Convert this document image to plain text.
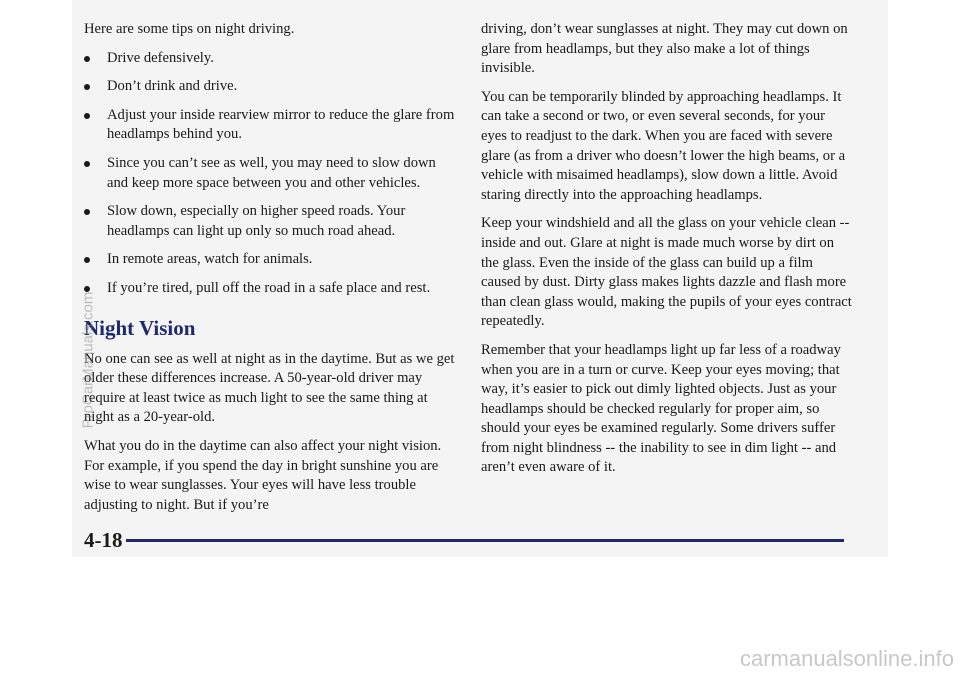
Here are some tips on night driving.

Drive defensively.
Don’t drink and drive.
Adjust your inside rearview mirror to reduce the glare from headlamps behind you.
Since you can’t see as well, you may need to slow down and keep more space between you and other vehicles.
Slow down, especially on higher speed roads. Your headlamps can light up only so much road ahead.
In remote areas, watch for animals.
If you’re tired, pull off the road in a safe place and rest.
Night Vision

No one can see as well at night as in the daytime. But as we get older these differences increase. A 50-year-old driver may require at least twice as much light to see the same thing at night as a 20-year-old.

What you do in the daytime can also affect your night vision. For example, if you spend the day in bright sunshine you are wise to wear sunglasses. Your eyes will have less trouble adjusting to night. But if you’re

driving, don’t wear sunglasses at night. They may cut down on glare from headlamps, but they also make a lot of things invisible.

You can be temporarily blinded by approaching headlamps. It can take a second or two, or even several seconds, for your eyes to readjust to the dark. When you are faced with severe glare (as from a driver who doesn’t lower the high beams, or a vehicle with misaimed headlamps), slow down a little. Avoid staring directly into the approaching headlamps.

Keep your windshield and all the glass on your vehicle clean -- inside and out. Glare at night is made much worse by dirt on the glass. Even the inside of the glass can build up a film caused by dust. Dirty glass makes lights dazzle and flash more than clean glass would, making the pupils of your eyes contract repeatedly.

Remember that your headlamps light up far less of a roadway when you are in a turn or curve. Keep your eyes moving; that way, it’s easier to pick out dimly lighted objects. Just as your headlamps should be checked regularly for proper aim, so should your eyes be examined regularly. Some drivers suffer from night blindness -- the inability to see in dim light -- and aren’t even aware of it.

4-18
ProCarManuals.com
carmanualsonline.info
